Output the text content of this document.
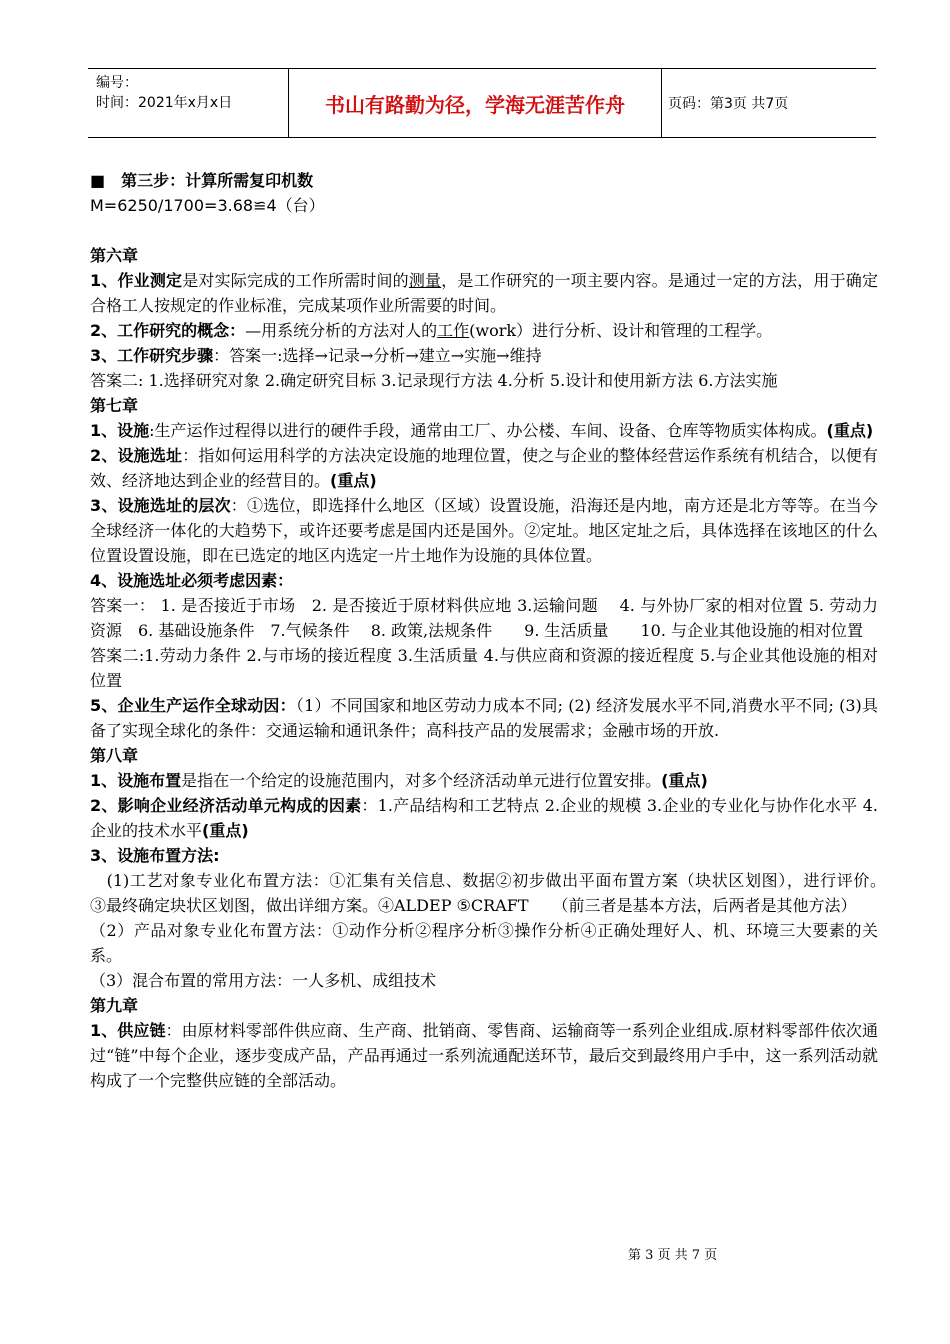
编号：
时间：2021年x月x日	书山有路勤为径，学海无涯苦作舟	页码：第3页 共7页

■　第三步：计算所需复印机数

M=6250/1700=3.68≌4（台）

第六章

1、作业测定是对实际完成的工作所需时间的测量，是工作研究的一项主要内容。是通过一定的方法，用于确定合格工人按规定的作业标准，完成某项作业所需要的时间。

2、工作研究的概念：—用系统分析的方法对人的工作(work）进行分析、设计和管理的工程学。

3、工作研究步骤：答案一:选择→记录→分析→建立→实施→维持

答案二: 1.选择研究对象 2.确定研究目标 3.记录现行方法 4.分析 5.设计和使用新方法 6.方法实施

第七章

1、设施:生产运作过程得以进行的硬件手段，通常由工厂、办公楼、车间、设备、仓库等物质实体构成。(重点)

2、设施选址：指如何运用科学的方法决定设施的地理位置，使之与企业的整体经营运作系统有机结合，以便有效、经济地达到企业的经营目的。(重点)

3、设施选址的层次：①选位，即选择什么地区（区域）设置设施，沿海还是内地，南方还是北方等等。在当今全球经济一体化的大趋势下，或许还要考虑是国内还是国外。②定址。地区定址之后，具体选择在该地区的什么位置设置设施，即在已选定的地区内选定一片土地作为设施的具体位置。

4、设施选址必须考虑因素：

答案一： 1. 是否接近于市场　2. 是否接近于原材料供应地 3.运输问题　 4. 与外协厂家的相对位置 5. 劳动力资源　6. 基础设施条件　7.气候条件　 8. 政策,法规条件　　9. 生活质量　　10. 与企业其他设施的相对位置

答案二:1.劳动力条件 2.与市场的接近程度 3.生活质量 4.与供应商和资源的接近程度 5.与企业其他设施的相对位置

5、企业生产运作全球动因：（1）不同国家和地区劳动力成本不同; (2) 经济发展水平不同,消费水平不同; (3)具备了实现全球化的条件：交通运输和通讯条件；高科技产品的发展需求；金融市场的开放.

第八章

1、设施布置是指在一个给定的设施范围内，对多个经济活动单元进行位置安排。(重点)

2、影响企业经济活动单元构成的因素：1.产品结构和工艺特点 2.企业的规模 3.企业的专业化与协作化水平 4.企业的技术水平(重点)

3、设施布置方法:

　(1)工艺对象专业化布置方法：①汇集有关信息、数据②初步做出平面布置方案（块状区划图），进行评价。　③最终确定块状区划图，做出详细方案。④ALDEP ⑤CRAFT　　（前三者是基本方法，后两者是其他方法）

（2）产品对象专业化布置方法：①动作分析②程序分析③操作分析④正确处理好人、机、环境三大要素的关系。

（3）混合布置的常用方法：一人多机、成组技术

第九章

1、供应链：由原材料零部件供应商、生产商、批销商、零售商、运输商等一系列企业组成.原材料零部件依次通过“链”中每个企业，逐步变成产品，产品再通过一系列流通配送环节，最后交到最终用户手中，这一系列活动就构成了一个完整供应链的全部活动。

第 3 页 共 7 页
